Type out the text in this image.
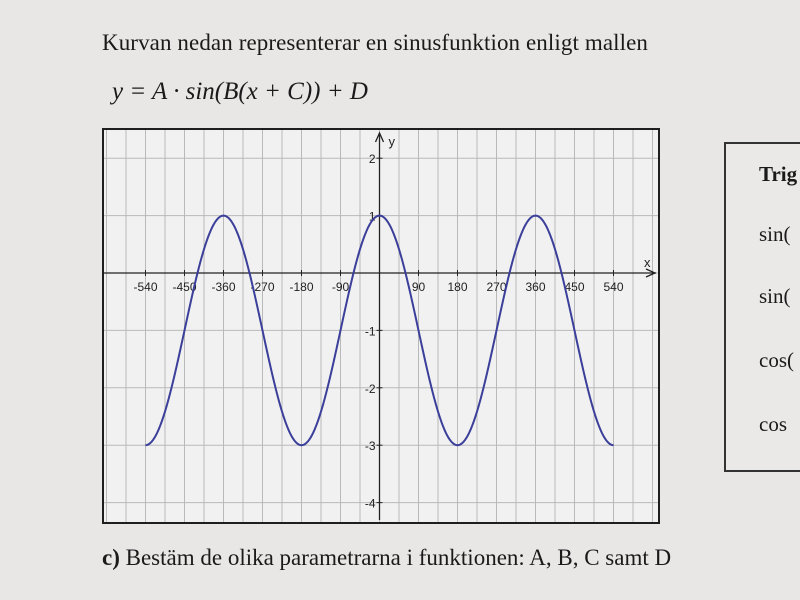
Kurvan nedan representerar en sinusfunktion enligt mallen
y = A · sin(B(x + C)) + D
-540 -450 -360 -270 -180 -90	90 180 270 360 450 540
2
1
-1
-2
-3
-4
x
y
Trig
sin(
sin(
cos(
cos
c) Bestäm de olika parametrarna i funktionen: A, B, C samt D
